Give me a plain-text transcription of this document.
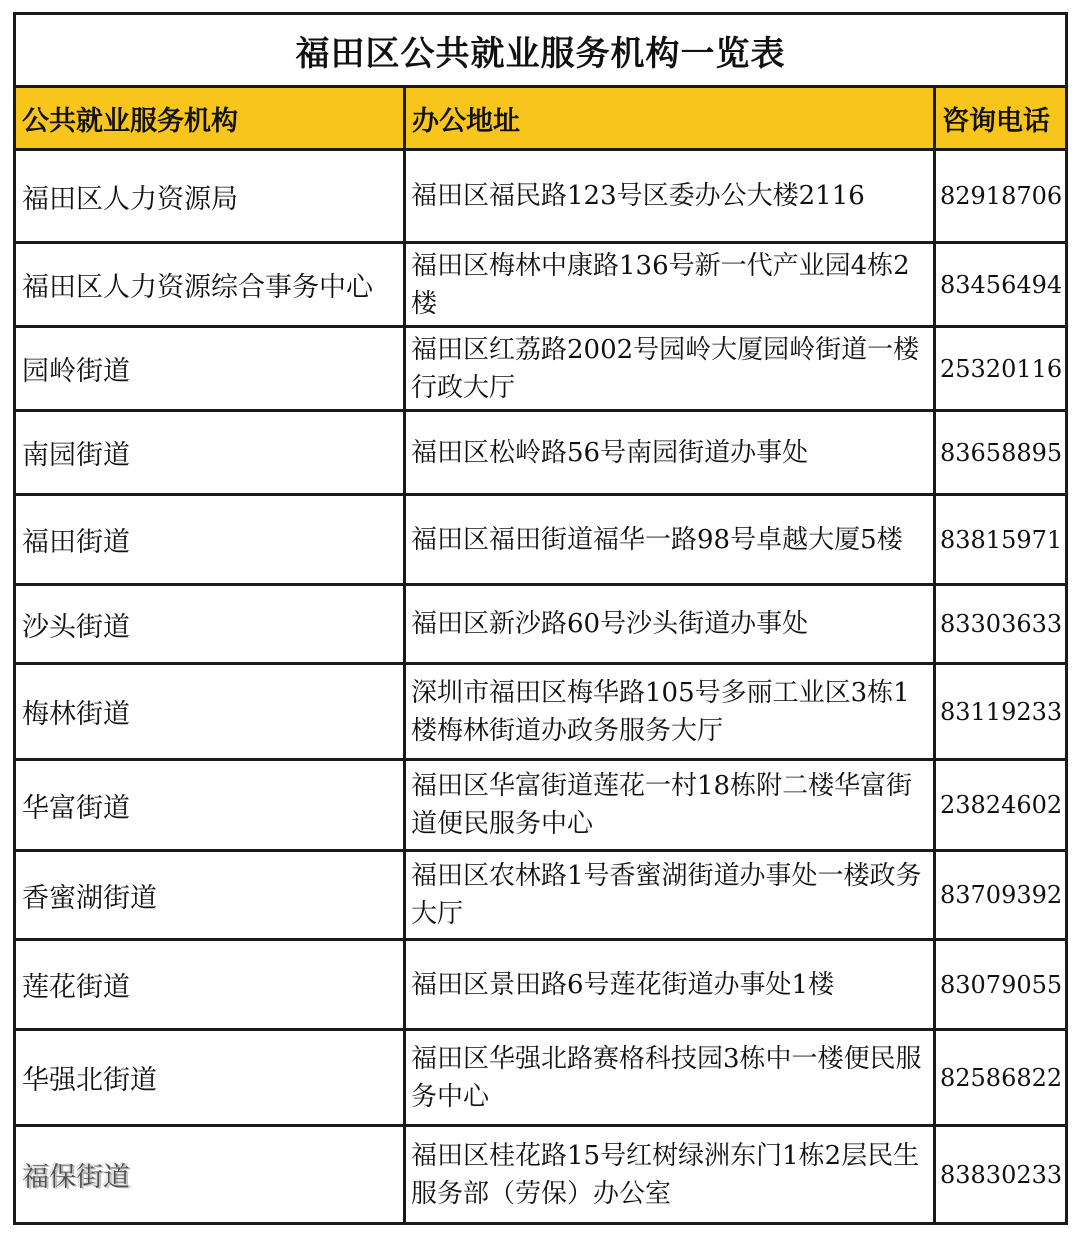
福田区公共就业服务机构一览表		
公共就业服务机构	办公地址	咨询电话
福田区人力资源局	福田区福民路123号区委办公大楼2116	82918706
福田区人力资源综合事务中心	福田区梅林中康路136号新一代产业园4栋2楼	83456494
园岭街道	福田区红荔路2002号园岭大厦园岭街道一楼行政大厅	25320116
南园街道	福田区松岭路56号南园街道办事处	83658895
福田街道	福田区福田街道福华一路98号卓越大厦5楼	83815971
沙头街道	福田区新沙路60号沙头街道办事处	83303633
梅林街道	深圳市福田区梅华路105号多丽工业区3栋1楼梅林街道办政务服务大厅	83119233
华富街道	福田区华富街道莲花一村18栋附二楼华富街道便民服务中心	23824602
香蜜湖街道	福田区农林路1号香蜜湖街道办事处一楼政务大厅	83709392
莲花街道	福田区景田路6号莲花街道办事处1楼	83079055
华强北街道	福田区华强北路赛格科技园3栋中一楼便民服务中心	82586822
福保街道	福田区桂花路15号红树绿洲东门1栋2层民生服务部（劳保）办公室	83830233
